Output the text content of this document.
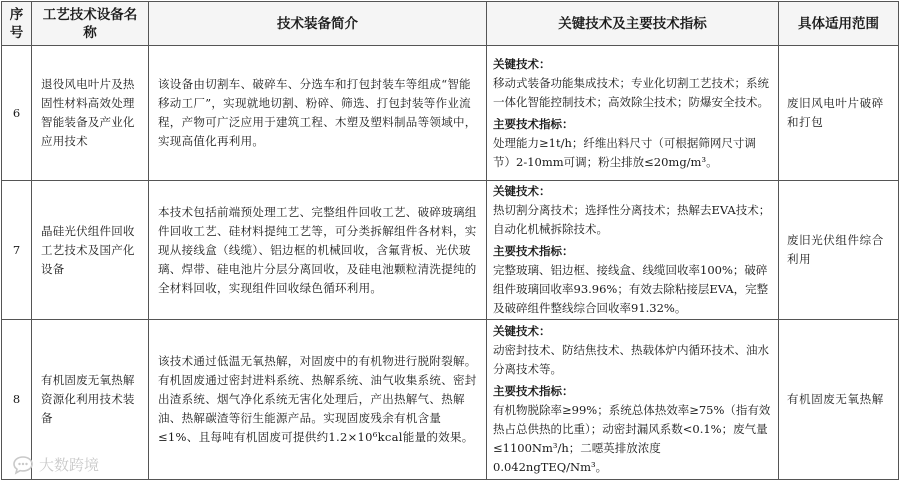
序号	工艺技术设备名称	技术装备简介	关键技术及主要技术指标	具体适用范围
6	退役风电叶片及热固性材料高效处理智能装备及产业化应用技术	该设备由切割车、破碎车、分选车和打包封装车等组成“智能移动工厂”，实现就地切割、粉碎、筛选、打包封装等作业流程，产物可广泛应用于建筑工程、木塑及塑料制品等领域中，实现高值化再利用。	关键技术：
移动式装备功能集成技术；专业化切割工艺技术；系统一体化智能控制技术；高效除尘技术；防爆安全技术。
主要技术指标：
处理能力≥1t/h；纤维出料尺寸（可根据筛网尺寸调节）2-10mm可调；粉尘排放≤20mg/m³。	废旧风电叶片破碎和打包
7	晶硅光伏组件回收工艺技术及国产化设备	本技术包括前端预处理工艺、完整组件回收工艺、破碎玻璃组件回收工艺、硅材料提纯工艺等，可分类拆解组件各材料，实现从接线盒（线缆）、铝边框的机械回收，含氟背板、光伏玻璃、焊带、硅电池片分层分离回收，及硅电池颗粒清洗提纯的全材料回收，实现组件回收绿色循环利用。	关键技术：
热切割分离技术；选择性分离技术；热解去EVA技术；自动化机械拆除技术。
主要技术指标：
完整玻璃、铝边框、接线盒、线缆回收率100%；破碎组件玻璃回收率93.96%；有效去除粘接层EVA，完整及破碎组件整线综合回收率91.32%。	废旧光伏组件综合利用
8	有机固废无氧热解资源化利用技术装备	该技术通过低温无氧热解，对固废中的有机物进行脱附裂解。有机固废通过密封进料系统、热解系统、油气收集系统、密封出渣系统、烟气净化系统无害化处理后，产出热解气、热解油、热解碳渣等衍生能源产品。实现固废残余有机含量≤1%、且每吨有机固废可提供约1.2×10⁶kcal能量的效果。	关键技术：
动密封技术、防结焦技术、热载体炉内循环技术、油水分离技术等。
主要技术指标：
有机物脱除率≥99%；系统总体热效率≥75%（指有效热占总供热的比重）；动密封漏风系数<0.1%；废气量≤1100Nm³/h；二噁英排放浓度0.042ngTEQ/Nm³。	有机固废无氧热解
大数跨境
